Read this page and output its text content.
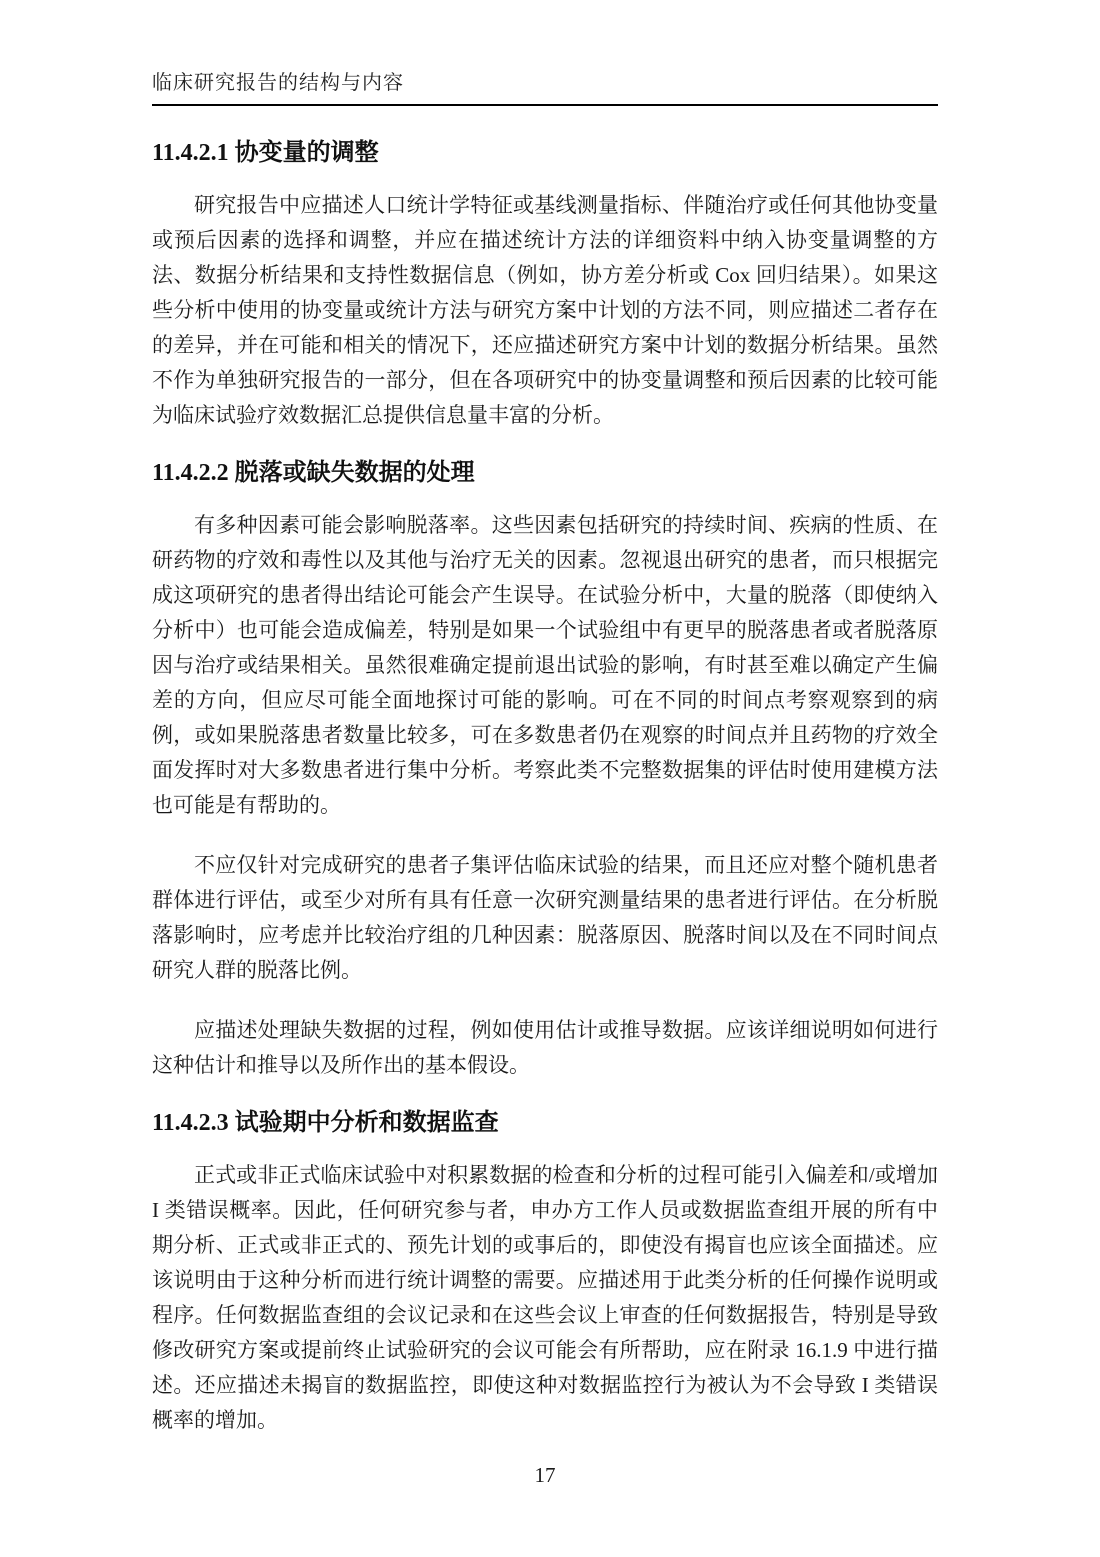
临床研究报告的结构与内容
11.4.2.1 协变量的调整

研究报告中应描述人口统计学特征或基线测量指标、伴随治疗或任何其他协变量或预后因素的选择和调整，并应在描述统计方法的详细资料中纳入协变量调整的方法、数据分析结果和支持性数据信息（例如，协方差分析或 Cox 回归结果）。如果这些分析中使用的协变量或统计方法与研究方案中计划的方法不同，则应描述二者存在的差异，并在可能和相关的情况下，还应描述研究方案中计划的数据分析结果。虽然不作为单独研究报告的一部分，但在各项研究中的协变量调整和预后因素的比较可能为临床试验疗效数据汇总提供信息量丰富的分析。

11.4.2.2 脱落或缺失数据的处理

有多种因素可能会影响脱落率。这些因素包括研究的持续时间、疾病的性质、在研药物的疗效和毒性以及其他与治疗无关的因素。忽视退出研究的患者，而只根据完成这项研究的患者得出结论可能会产生误导。在试验分析中，大量的脱落（即使纳入分析中）也可能会造成偏差，特别是如果一个试验组中有更早的脱落患者或者脱落原因与治疗或结果相关。虽然很难确定提前退出试验的影响，有时甚至难以确定产生偏差的方向，但应尽可能全面地探讨可能的影响。可在不同的时间点考察观察到的病例，或如果脱落患者数量比较多，可在多数患者仍在观察的时间点并且药物的疗效全面发挥时对大多数患者进行集中分析。考察此类不完整数据集的评估时使用建模方法也可能是有帮助的。

不应仅针对完成研究的患者子集评估临床试验的结果，而且还应对整个随机患者群体进行评估，或至少对所有具有任意一次研究测量结果的患者进行评估。在分析脱落影响时，应考虑并比较治疗组的几种因素：脱落原因、脱落时间以及在不同时间点研究人群的脱落比例。

应描述处理缺失数据的过程，例如使用估计或推导数据。应该详细说明如何进行这种估计和推导以及所作出的基本假设。

11.4.2.3 试验期中分析和数据监查

正式或非正式临床试验中对积累数据的检查和分析的过程可能引入偏差和/或增加 I 类错误概率。因此，任何研究参与者，申办方工作人员或数据监查组开展的所有中期分析、正式或非正式的、预先计划的或事后的，即使没有揭盲也应该全面描述。应该说明由于这种分析而进行统计调整的需要。应描述用于此类分析的任何操作说明或程序。任何数据监查组的会议记录和在这些会议上审查的任何数据报告，特别是导致修改研究方案或提前终止试验研究的会议可能会有所帮助，应在附录 16.1.9 中进行描述。还应描述未揭盲的数据监控，即使这种对数据监控行为被认为不会导致 I 类错误概率的增加。

17
